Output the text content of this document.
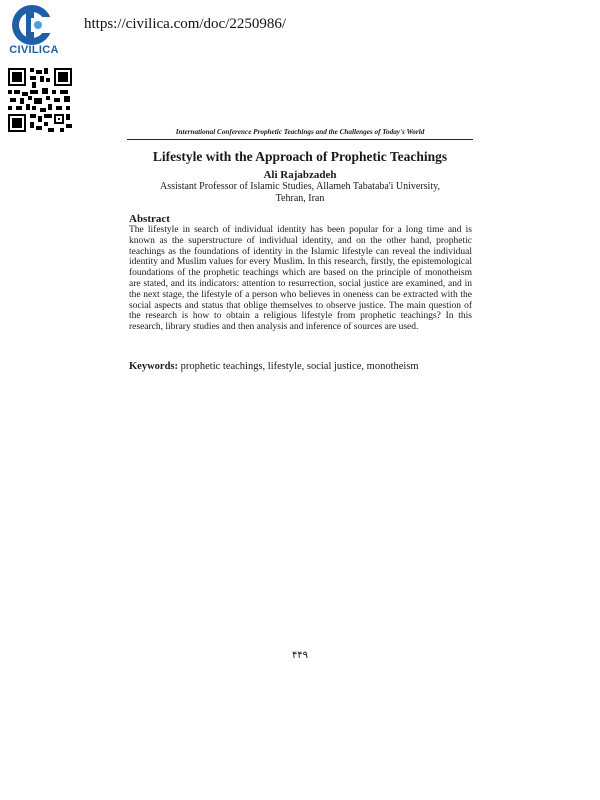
CIVILICA
https://civilica.com/doc/2250986/
International Conference Prophetic Teachings and the Challenges of Today's World
Lifestyle with the Approach of Prophetic Teachings
Ali Rajabzadeh
Assistant Professor of Islamic Studies, Allameh Tabataba'i University,
Tehran, Iran
Abstract
The lifestyle in search of individual identity has been popular for a long time and is known as the superstructure of individual identity, and on the other hand, prophetic teachings as the foundations of identity in the Islamic lifestyle can reveal the individual identity and Muslim values for every Muslim. In this research, firstly, the epistemological foundations of the prophetic teachings which are based on the principle of monotheism are stated, and its indicators: attention to resurrection, social justice are examined, and in the next stage, the lifestyle of a person who believes in oneness can be extracted with the social aspects and status that oblige themselves to observe justice. The main question of the research is how to obtain a religious lifestyle from prophetic teachings? In this research, library studies and then analysis and inference of sources are used.
Keywords: prophetic teachings, lifestyle, social justice, monotheism
۴۴۹
